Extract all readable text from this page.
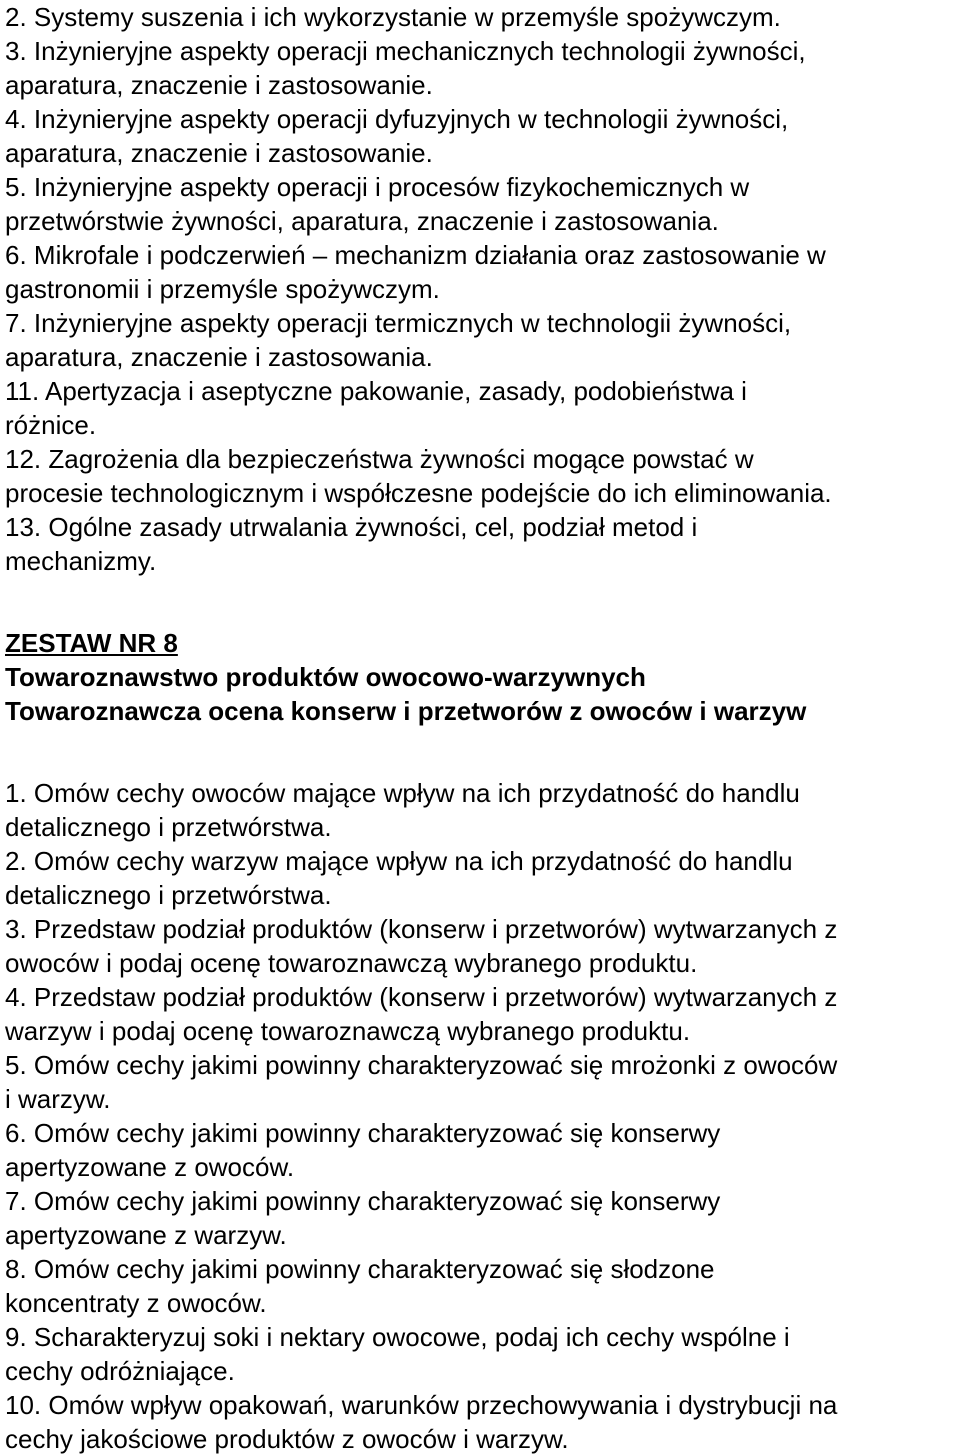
2. Systemy suszenia i ich wykorzystanie w przemyśle spożywczym.
3. Inżynieryjne aspekty operacji mechanicznych technologii żywności,
aparatura, znaczenie i zastosowanie.
4. Inżynieryjne aspekty operacji dyfuzyjnych w technologii żywności,
aparatura, znaczenie i zastosowanie.
5. Inżynieryjne aspekty operacji i procesów fizykochemicznych w
przetwórstwie żywności, aparatura, znaczenie i zastosowania.
6. Mikrofale i podczerwień – mechanizm działania oraz zastosowanie w
gastronomii i przemyśle spożywczym.
7. Inżynieryjne aspekty operacji termicznych w technologii żywności,
aparatura, znaczenie i zastosowania.
11. Apertyzacja i aseptyczne pakowanie, zasady, podobieństwa i
różnice.
12. Zagrożenia dla bezpieczeństwa żywności mogące powstać w
procesie technologicznym i współczesne podejście do ich eliminowania.
13. Ogólne zasady utrwalania żywności, cel, podział metod i
mechanizmy.
ZESTAW NR 8
Towaroznawstwo produktów owocowo-warzywnych
Towaroznawcza ocena konserw i przetworów z owoców i warzyw
1. Omów cechy owoców mające wpływ na ich przydatność do handlu
detalicznego i przetwórstwa.
2. Omów cechy warzyw mające wpływ na ich przydatność do handlu
detalicznego i przetwórstwa.
3. Przedstaw podział produktów (konserw i przetworów) wytwarzanych z
owoców i podaj ocenę towaroznawczą wybranego produktu.
4. Przedstaw podział produktów (konserw i przetworów) wytwarzanych z
warzyw i podaj ocenę towaroznawczą wybranego produktu.
5. Omów cechy jakimi powinny charakteryzować się mrożonki z owoców
i warzyw.
6. Omów cechy jakimi powinny charakteryzować się konserwy
apertyzowane z owoców.
7. Omów cechy jakimi powinny charakteryzować się konserwy
apertyzowane z warzyw.
8. Omów cechy jakimi powinny charakteryzować się słodzone
koncentraty z owoców.
9. Scharakteryzuj soki i nektary owocowe, podaj ich cechy wspólne i
cechy odróżniające.
10. Omów wpływ opakowań, warunków przechowywania i dystrybucji na
cechy jakościowe produktów z owoców i warzyw.
